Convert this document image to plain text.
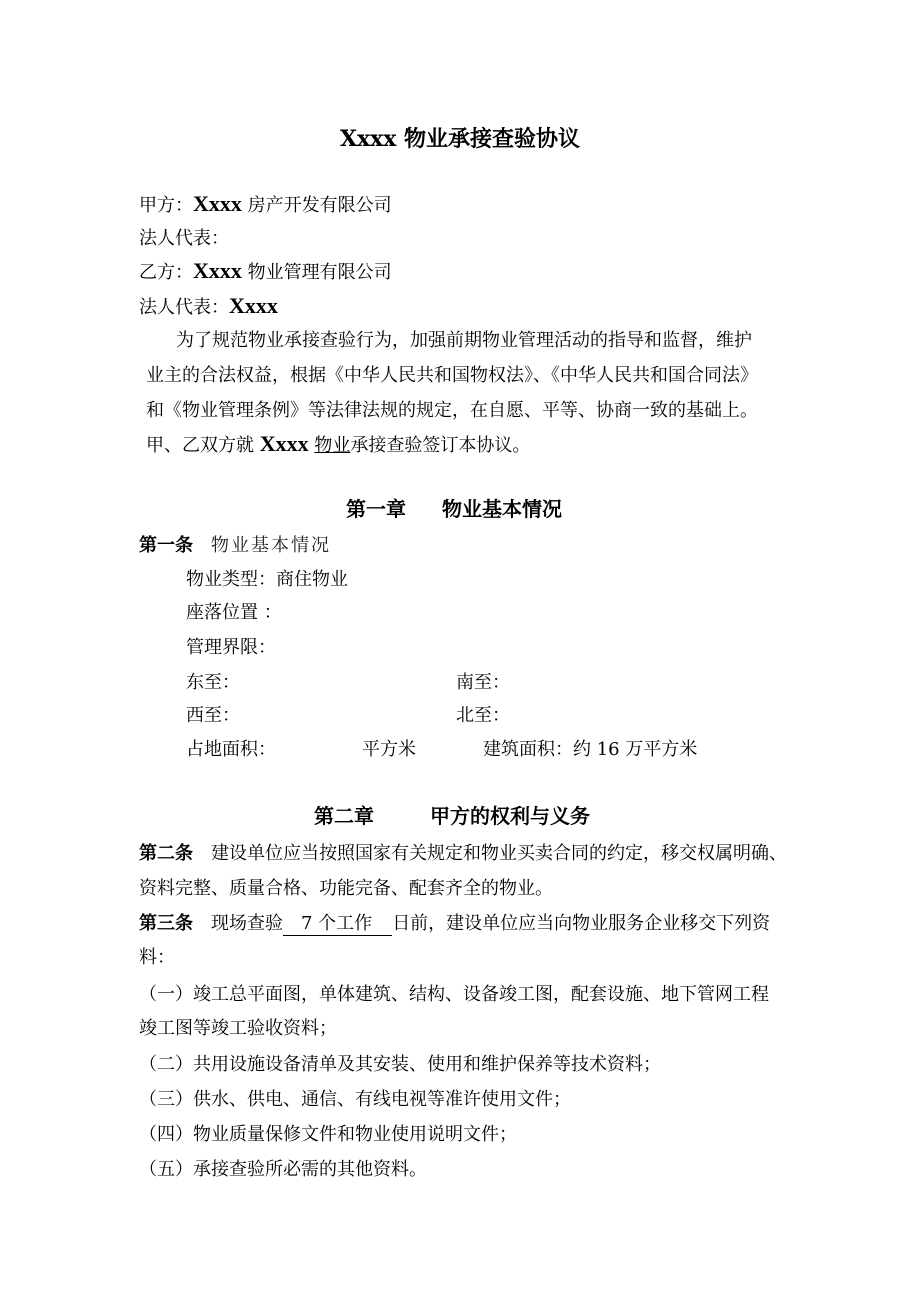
Xxxx 物业承接查验协议
甲方：Xxxx 房产开发有限公司
法人代表：
乙方：Xxxx 物业管理有限公司
法人代表：Xxxx
为了规范物业承接查验行为，加强前期物业管理活动的指导和监督，维护
业主的合法权益，根据《中华人民共和国物权法》、《中华人民共和国合同法》
和《物业管理条例》等法律法规的规定，在自愿、平等、协商一致的基础上。
甲、乙双方就 Xxxx 物业承接查验签订本协议。
第一章 物业基本情况
第一条 物业基本情况
物业类型：商住物业
座落位置 ：
管理界限：
东至：	南至：
西至：	北至：
占地面积：	平方米	建筑面积：约 16 万平方米
第二章	甲方的权利与义务
第二条 建设单位应当按照国家有关规定和物业买卖合同的约定，移交权属明确、
资料完整、质量合格、功能完备、配套齐全的物业。
第三条 现场查验 7 个工作 日前，建设单位应当向物业服务企业移交下列资
料：
（一）竣工总平面图，单体建筑、结构、设备竣工图，配套设施、地下管网工程
竣工图等竣工验收资料；
（二）共用设施设备清单及其安装、使用和维护保养等技术资料；
（三）供水、供电、通信、有线电视等准许使用文件；
（四）物业质量保修文件和物业使用说明文件；
（五）承接查验所必需的其他资料。
